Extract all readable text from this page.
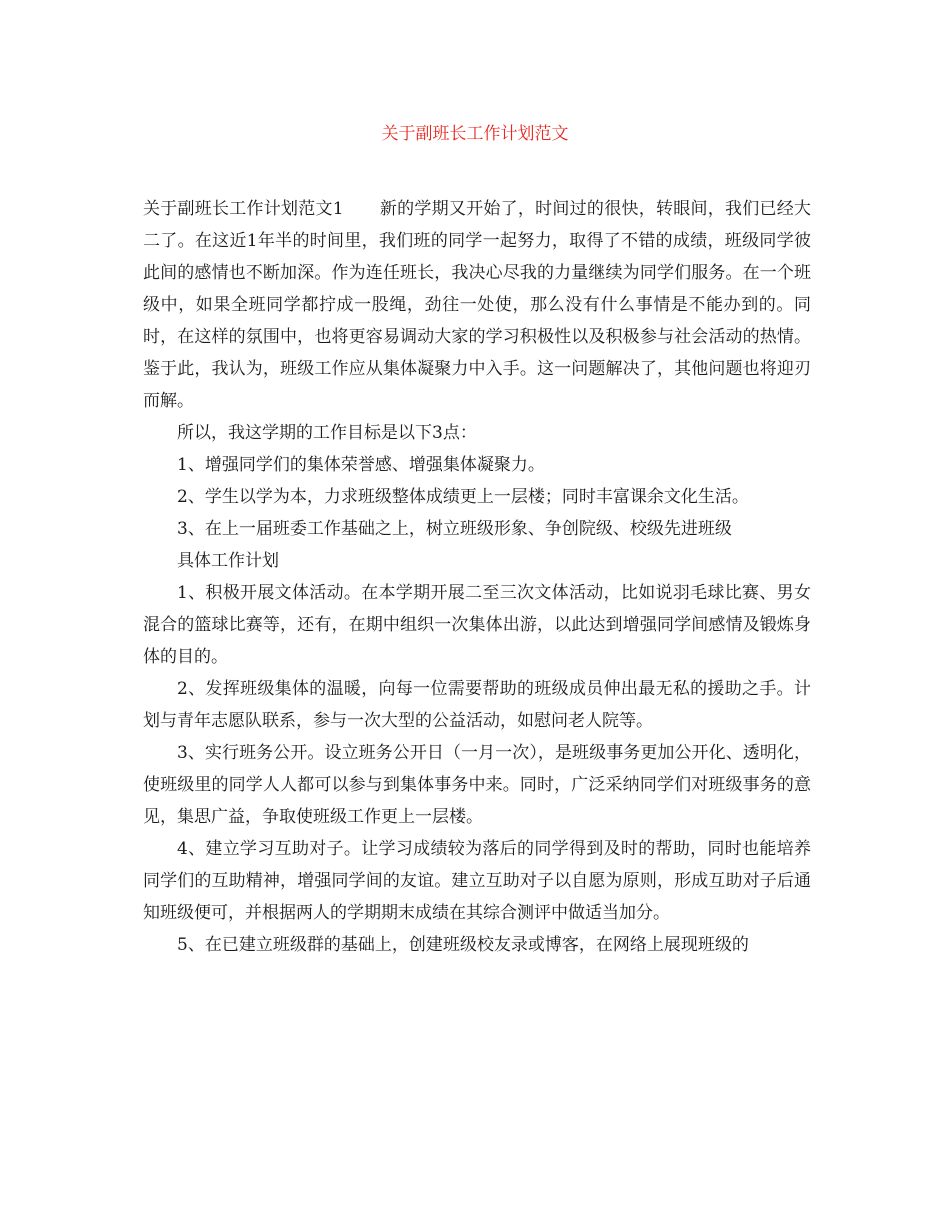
关于副班长工作计划范文

关于副班长工作计划范文1 新的学期又开始了，时间过的很快，转眼间，我们已经大二了。在这近1年半的时间里，我们班的同学一起努力，取得了不错的成绩，班级同学彼此间的感情也不断加深。作为连任班长，我决心尽我的力量继续为同学们服务。在一个班级中，如果全班同学都拧成一股绳，劲往一处使，那么没有什么事情是不能办到的。同时，在这样的氛围中，也将更容易调动大家的学习积极性以及积极参与社会活动的热情。鉴于此，我认为，班级工作应从集体凝聚力中入手。这一问题解决了，其他问题也将迎刃而解。

所以，我这学期的工作目标是以下3点：

1、增强同学们的集体荣誉感、增强集体凝聚力。

2、学生以学为本，力求班级整体成绩更上一层楼；同时丰富课余文化生活。

3、在上一届班委工作基础之上，树立班级形象、争创院级、校级先进班级

具体工作计划

1、积极开展文体活动。在本学期开展二至三次文体活动，比如说羽毛球比赛、男女混合的篮球比赛等，还有，在期中组织一次集体出游，以此达到增强同学间感情及锻炼身体的目的。

2、发挥班级集体的温暖，向每一位需要帮助的班级成员伸出最无私的援助之手。计划与青年志愿队联系，参与一次大型的公益活动，如慰问老人院等。

3、实行班务公开。设立班务公开日（一月一次），是班级事务更加公开化、透明化，使班级里的同学人人都可以参与到集体事务中来。同时，广泛采纳同学们对班级事务的意见，集思广益，争取使班级工作更上一层楼。

4、建立学习互助对子。让学习成绩较为落后的同学得到及时的帮助，同时也能培养同学们的互助精神，增强同学间的友谊。建立互助对子以自愿为原则，形成互助对子后通知班级便可，并根据两人的学期期末成绩在其综合测评中做适当加分。

5、在已建立班级群的基础上，创建班级校友录或博客，在网络上展现班级的
